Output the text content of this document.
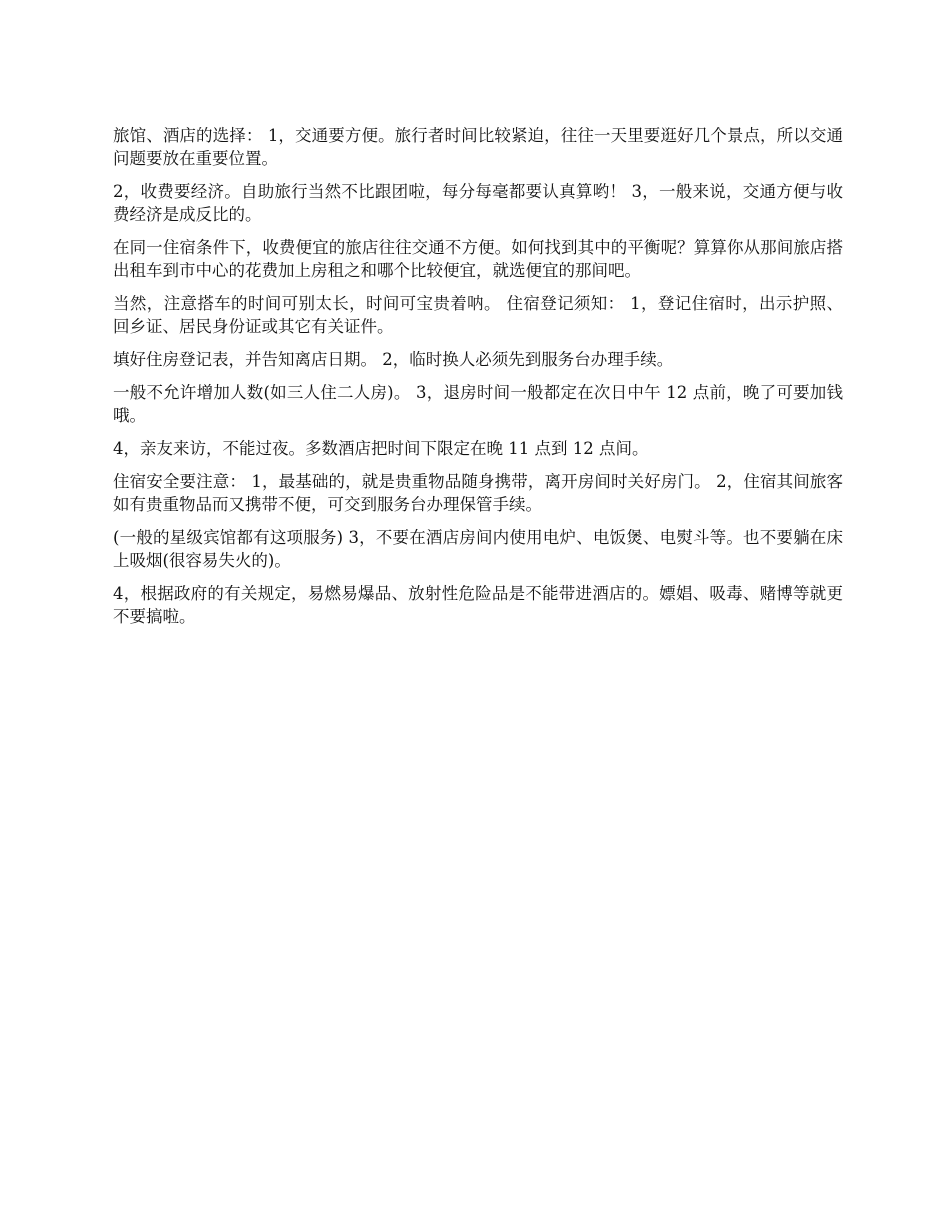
旅馆、酒店的选择： 1，交通要方便。旅行者时间比较紧迫，往往一天里要逛好几个景点，所以交通问题要放在重要位置。

2，收费要经济。自助旅行当然不比跟团啦，每分每毫都要认真算哟！ 3，一般来说，交通方便与收费经济是成反比的。

在同一住宿条件下，收费便宜的旅店往往交通不方便。如何找到其中的平衡呢？算算你从那间旅店搭出租车到市中心的花费加上房租之和哪个比较便宜，就选便宜的那间吧。

当然，注意搭车的时间可别太长，时间可宝贵着呐。 住宿登记须知： 1，登记住宿时，出示护照、回乡证、居民身份证或其它有关证件。

填好住房登记表，并告知离店日期。 2，临时换人必须先到服务台办理手续。

一般不允许增加人数(如三人住二人房)。 3，退房时间一般都定在次日中午 12 点前，晚了可要加钱哦。

4，亲友来访，不能过夜。多数酒店把时间下限定在晚 11 点到 12 点间。

住宿安全要注意： 1，最基础的，就是贵重物品随身携带，离开房间时关好房门。 2，住宿其间旅客如有贵重物品而又携带不便，可交到服务台办理保管手续。

(一般的星级宾馆都有这项服务) 3，不要在酒店房间内使用电炉、电饭煲、电熨斗等。也不要躺在床上吸烟(很容易失火的)。

4，根据政府的有关规定，易燃易爆品、放射性危险品是不能带进酒店的。嫖娼、吸毒、赌博等就更不要搞啦。
